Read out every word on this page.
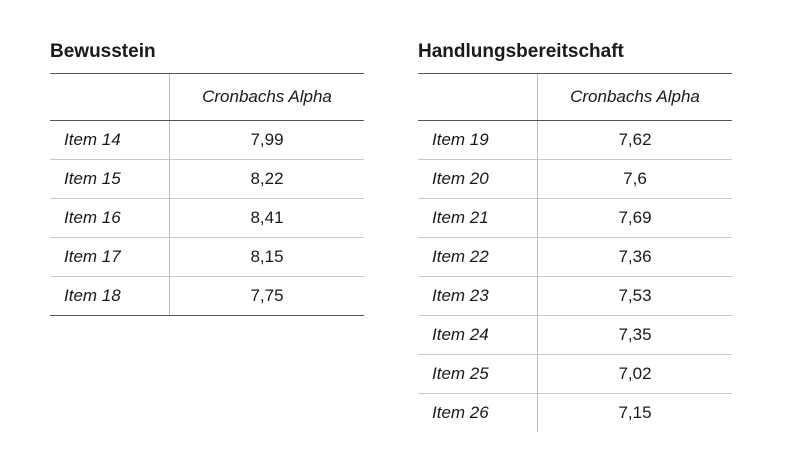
Bewusstein
	Cronbachs Alpha
Item 14	7,99
Item 15	8,22
Item 16	8,41
Item 17	8,15
Item 18	7,75
Handlungsbereitschaft
	Cronbachs Alpha
Item 19	7,62
Item 20	7,6
Item 21	7,69
Item 22	7,36
Item 23	7,53
Item 24	7,35
Item 25	7,02
Item 26	7,15
